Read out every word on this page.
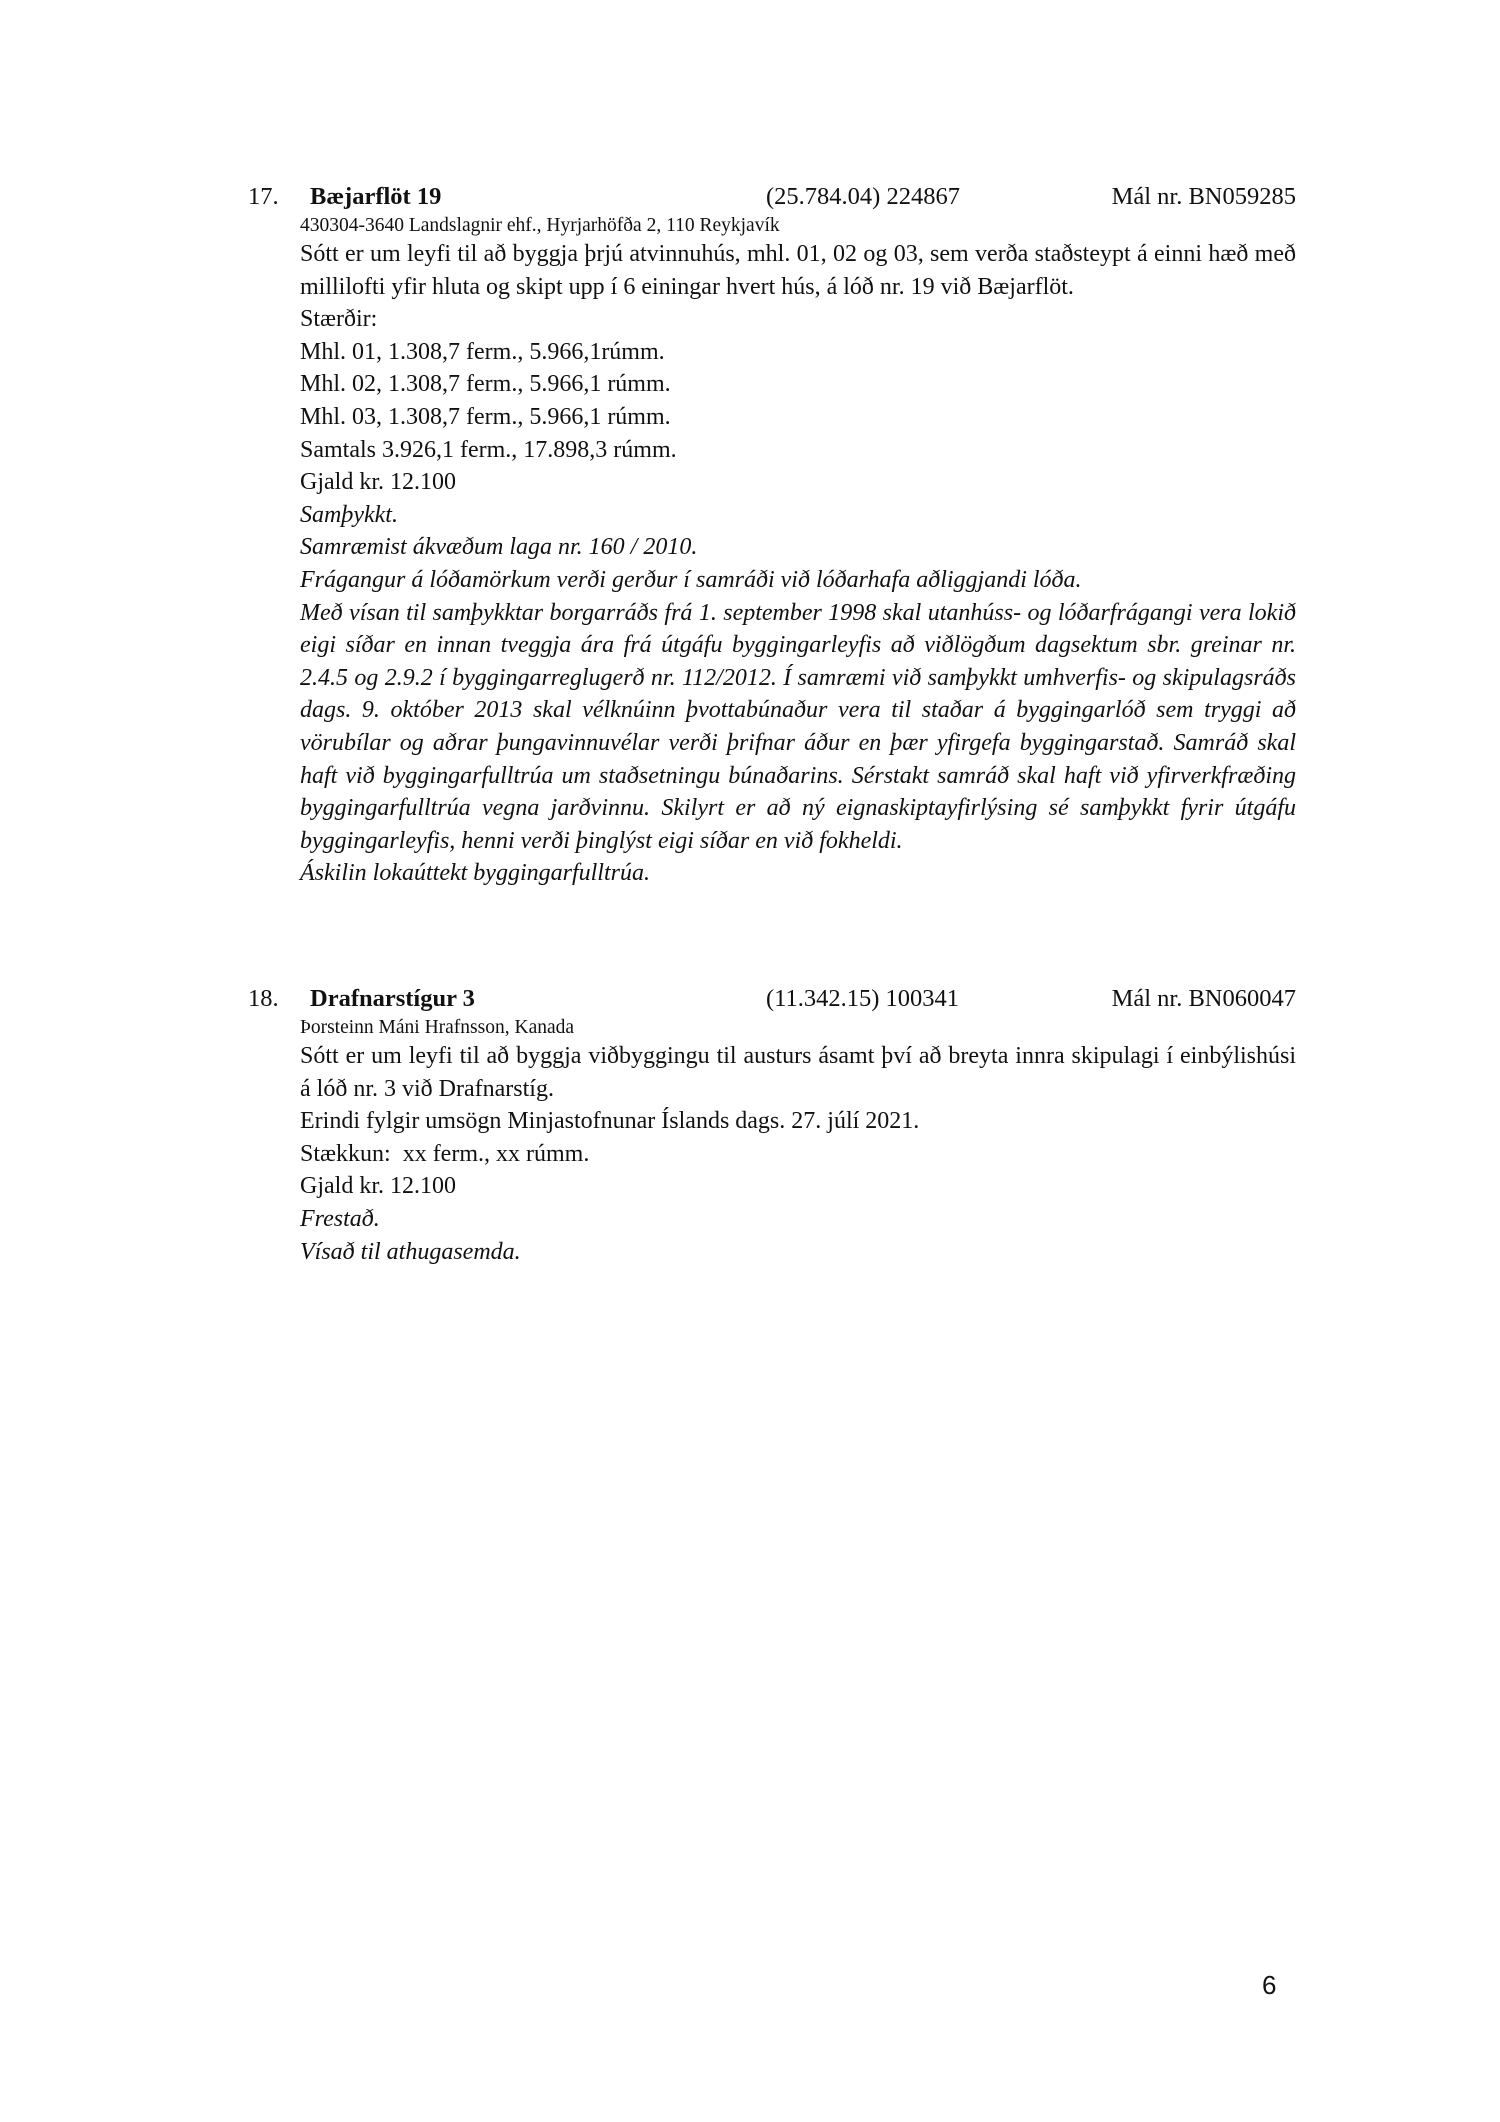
17. Bæjarflöt 19	(25.784.04) 224867	Mál nr. BN059285
430304-3640 Landslagnir ehf., Hyrjarhöfða 2, 110 Reykjavík
Sótt er um leyfi til að byggja þrjú atvinnuhús, mhl. 01, 02 og 03, sem verða staðsteypt á einni hæð með millilofti yfir hluta og skipt upp í 6 einingar hvert hús, á lóð nr. 19 við Bæjarflöt.
Stærðir:
Mhl. 01, 1.308,7 ferm., 5.966,1rúmm.
Mhl. 02, 1.308,7 ferm., 5.966,1 rúmm.
Mhl. 03, 1.308,7 ferm., 5.966,1 rúmm.
Samtals 3.926,1 ferm., 17.898,3 rúmm.
Gjald kr. 12.100
Samþykkt.
Samræmist ákvæðum laga nr. 160 / 2010.
Frágangur á lóðamörkum verði gerður í samráði við lóðarhafa aðliggjandi lóða.
Með vísan til samþykktar borgarráðs frá 1. september 1998 skal utanhúss- og lóðarfrágangi vera lokið eigi síðar en innan tveggja ára frá útgáfu byggingarleyfis að viðlögðum dagsektum sbr. greinar nr. 2.4.5 og 2.9.2 í byggingarreglugerð nr. 112/2012. Í samræmi við samþykkt umhverfis- og skipulagsráðs dags. 9. október 2013 skal vélknúinn þvottabúnaður vera til staðar á byggingarlóð sem tryggi að vörubílar og aðrar þungavinnuvélar verði þrifnar áður en þær yfirgefa byggingarstað. Samráð skal haft við byggingarfulltrúa um staðsetningu búnaðarins. Sérstakt samráð skal haft við yfirverkfræðing byggingarfulltrúa vegna jarðvinnu. Skilyrt er að ný eignaskiptayfirlýsing sé samþykkt fyrir útgáfu byggingarleyfis, henni verði þinglýst eigi síðar en við fokheldi.
Áskilin lokaúttekt byggingarfulltrúa.
18. Drafnarstígur 3	(11.342.15) 100341	Mál nr. BN060047
Þorsteinn Máni Hrafnsson, Kanada
Sótt er um leyfi til að byggja viðbyggingu til austurs ásamt því að breyta innra skipulagi í einbýlishúsi á lóð nr. 3 við Drafnarstíg.
Erindi fylgir umsögn Minjastofnunar Íslands dags. 27. júlí 2021.
Stækkun:  xx ferm., xx rúmm.
Gjald kr. 12.100
Frestað.
Vísað til athugasemda.
6
